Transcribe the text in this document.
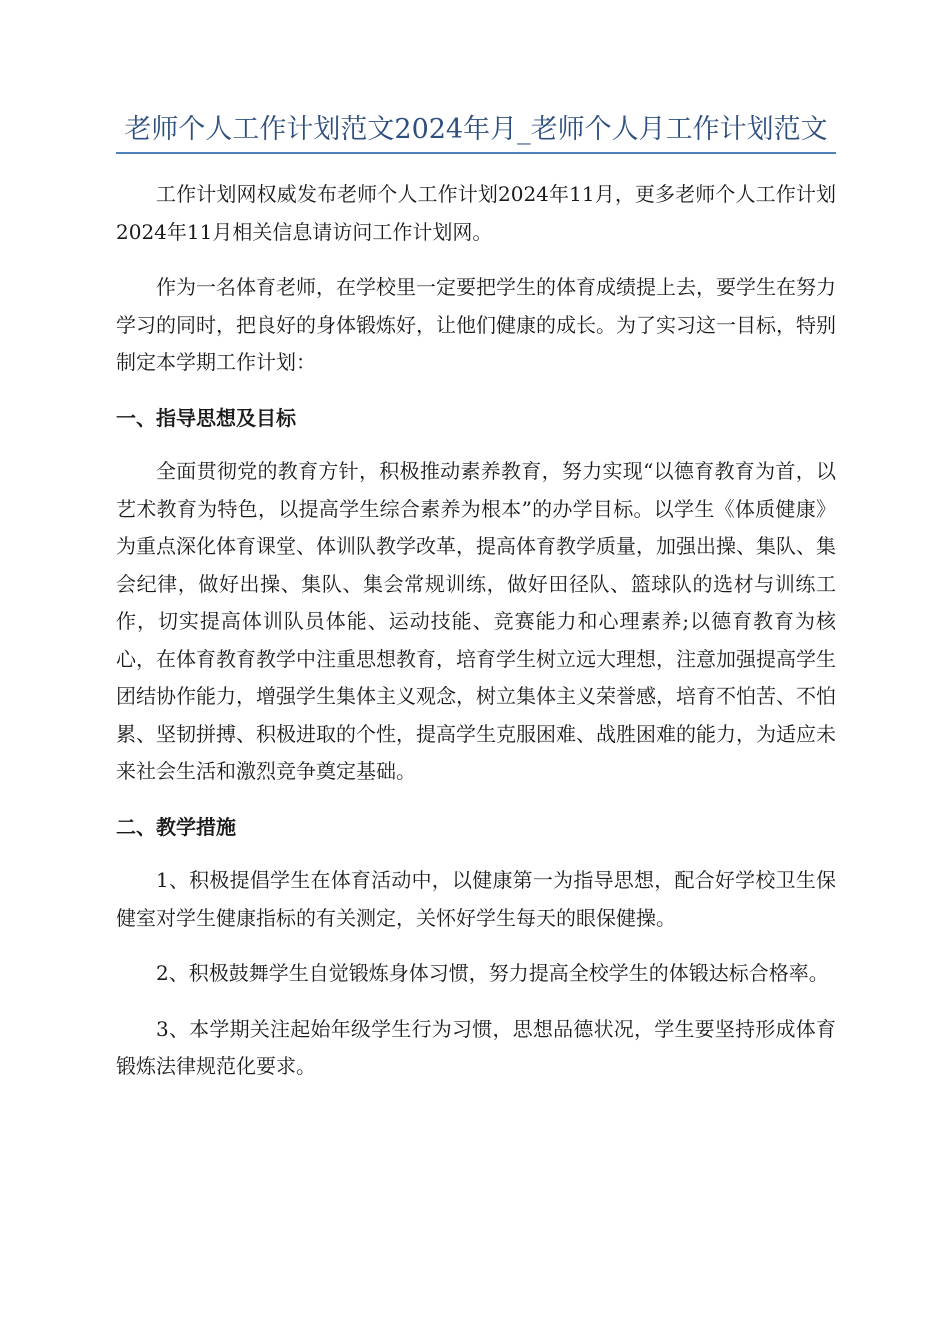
老师个人工作计划范文2024年月_老师个人月工作计划范文

工作计划网权威发布老师个人工作计划2024年11月，更多老师个人工作计划2024年11月相关信息请访问工作计划网。

作为一名体育老师，在学校里一定要把学生的体育成绩提上去，要学生在努力学习的同时，把良好的身体锻炼好，让他们健康的成长。为了实习这一目标，特别制定本学期工作计划：

一、指导思想及目标

全面贯彻党的教育方针，积极推动素养教育，努力实现“以德育教育为首，以艺术教育为特色，以提高学生综合素养为根本”的办学目标。以学生《体质健康》为重点深化体育课堂、体训队教学改革，提高体育教学质量，加强出操、集队、集会纪律，做好出操、集队、集会常规训练，做好田径队、篮球队的选材与训练工作，切实提高体训队员体能、运动技能、竞赛能力和心理素养;以德育教育为核心，在体育教育教学中注重思想教育，培育学生树立远大理想，注意加强提高学生团结协作能力，增强学生集体主义观念，树立集体主义荣誉感，培育不怕苦、不怕累、坚韧拼搏、积极进取的个性，提高学生克服困难、战胜困难的能力，为适应未来社会生活和激烈竞争奠定基础。

二、教学措施

1、积极提倡学生在体育活动中，以健康第一为指导思想，配合好学校卫生保健室对学生健康指标的有关测定，关怀好学生每天的眼保健操。

2、积极鼓舞学生自觉锻炼身体习惯，努力提高全校学生的体锻达标合格率。

3、本学期关注起始年级学生行为习惯，思想品德状况，学生要坚持形成体育锻炼法律规范化要求。
